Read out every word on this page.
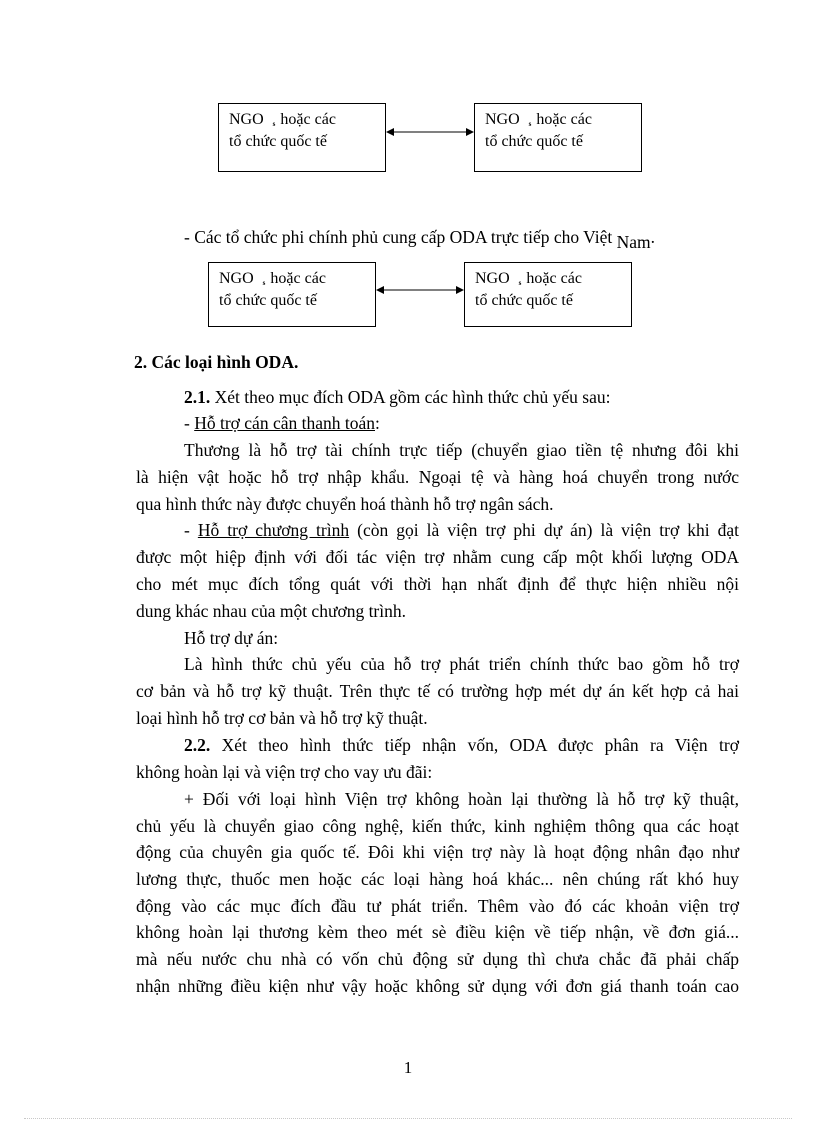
NGO $_s$ hoặc các
tổ chức quốc tế
NGO $_s$ hoặc các
tổ chức quốc tế
- Các tổ chức phi chính phủ cung cấp ODA trực tiếp cho Việt Nam.
NGO $_s$ hoặc các
tổ chức quốc tế
NGO $_s$ hoặc các
tổ chức quốc tế
2. Các loại hình ODA.
2.1. Xét theo mục đích ODA gồm các hình thức chủ yếu sau:
- Hỗ trợ cán cân thanh toán:
Thương là hỗ trợ tài chính trực tiếp (chuyển giao tiền tệ nhưng đôi khi
là hiện vật hoặc hỗ trợ nhập khẩu. Ngoại tệ và hàng hoá chuyển trong nước
qua hình thức này được chuyển hoá thành hỗ trợ ngân sách.
- Hỗ trợ chương trình (còn gọi là viện trợ phi dự án) là viện trợ khi đạt
được một hiệp định với đối tác viện trợ nhằm cung cấp một khối lượng ODA
cho mét mục đích tổng quát với thời hạn nhất định để thực hiện nhiều nội
dung khác nhau của một chương trình.
Hỗ trợ dự án:
Là hình thức chủ yếu của hỗ trợ phát triển chính thức bao gồm hỗ trợ
cơ bản và hỗ trợ kỹ thuật. Trên thực tế có trường hợp mét dự án kết hợp cả hai
loại hình hỗ trợ cơ bản và hỗ trợ kỹ thuật.
2.2. Xét theo hình thức tiếp nhận vốn, ODA được phân ra Viện trợ
không hoàn lại và viện trợ cho vay ưu đãi:
+ Đối với loại hình Viện trợ không hoàn lại thường là hỗ trợ kỹ thuật,
chủ yếu là chuyển giao công nghệ, kiến thức, kinh nghiệm thông qua các hoạt
động của chuyên gia quốc tế. Đôi khi viện trợ này là hoạt động nhân đạo như
lương thực, thuốc men hoặc các loại hàng hoá khác... nên chúng rất khó huy
động vào các mục đích đầu tư phát triển. Thêm vào đó các khoản viện trợ
không hoàn lại thương kèm theo mét sè điều kiện về tiếp nhận, về đơn giá...
mà nếu nước chu nhà có vốn chủ động sử dụng thì chưa chắc đã phải chấp
nhận những điều kiện như vậy hoặc không sử dụng với đơn giá thanh toán cao
1
